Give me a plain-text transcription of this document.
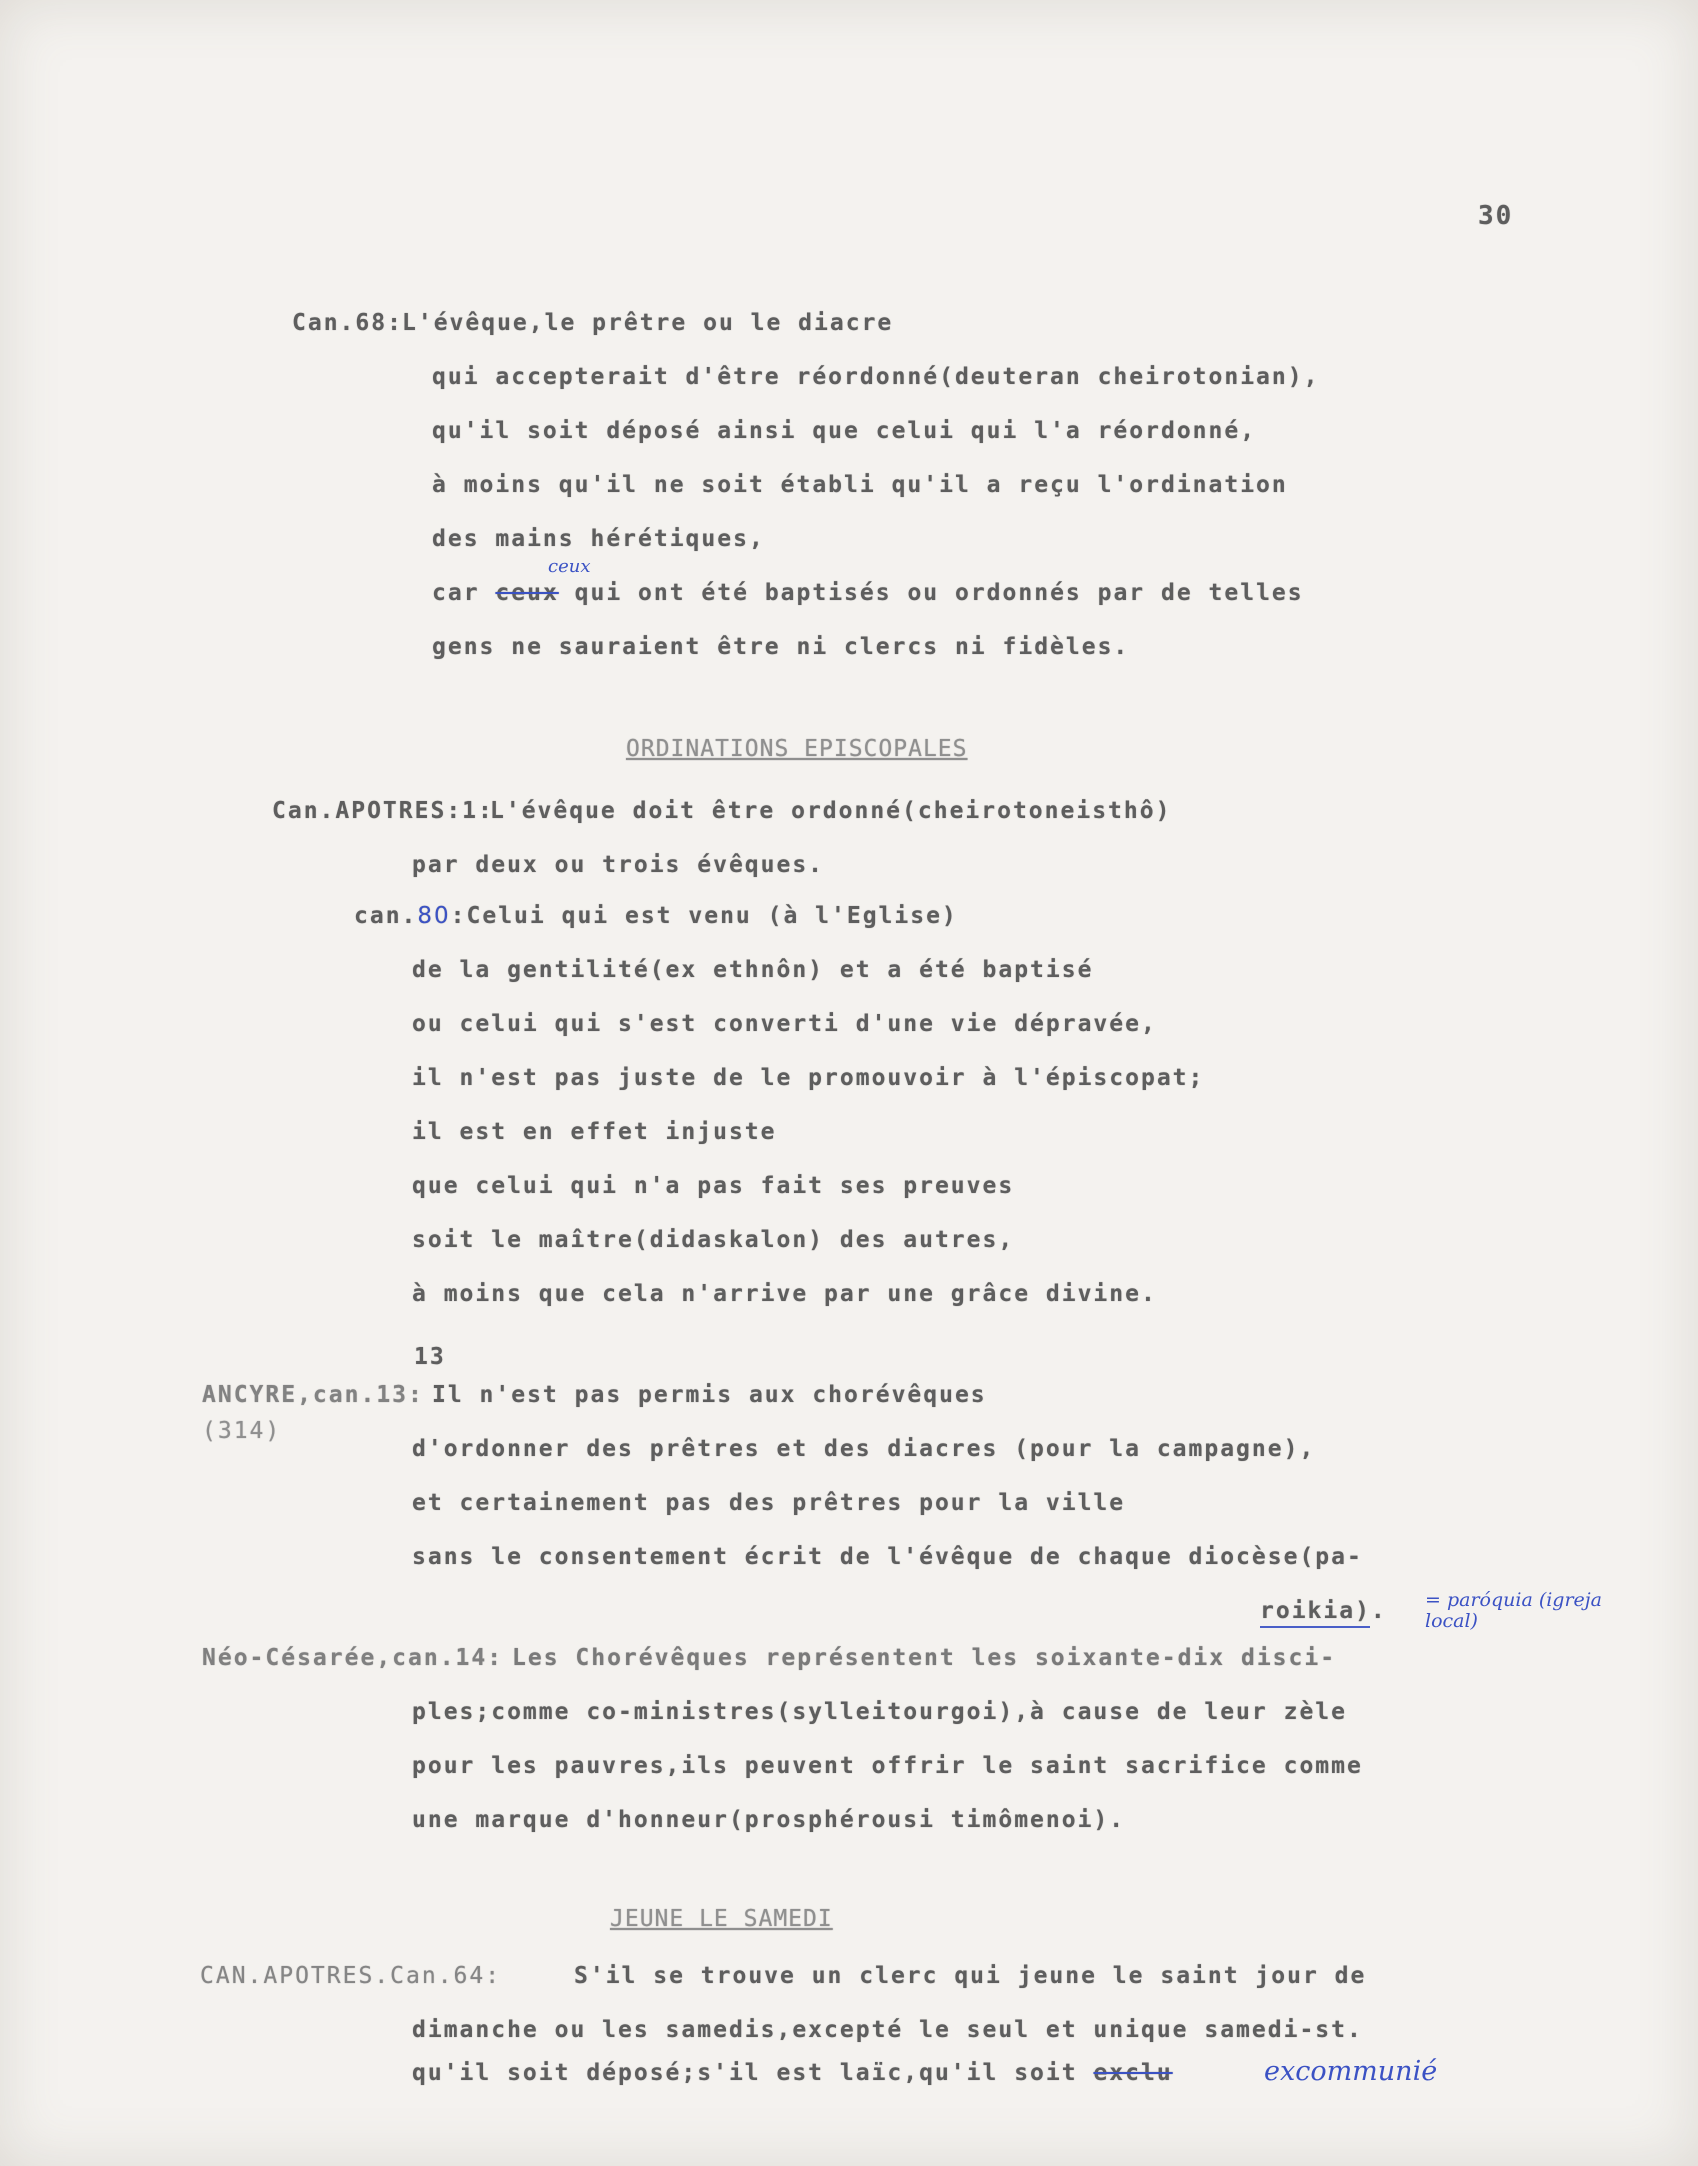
30
Can.68: L'évêque,le prêtre ou le diacre
qui accepterait d'être réordonné(deuteran cheirotonian),
qu'il soit déposé ainsi que celui qui l'a réordonné,
à moins qu'il ne soit établi qu'il a reçu l'ordination
des mains hérétiques,
car ceux qui ont été baptisés ou ordonnés par de telles
gens ne sauraient être ni clercs ni fidèles.
ceux
ORDINATIONS EPISCOPALES
Can.APOTRES:1:
L'évêque doit être ordonné(cheirotoneisthô)
par deux ou trois évêques.
can.80:Celui qui est venu (à l'Eglise)
de la gentilité(ex ethnôn) et a été baptisé
ou celui qui s'est converti d'une vie dépravée,
il n'est pas juste de le promouvoir à l'épiscopat;
il est en effet injuste
que celui qui n'a pas fait ses preuves
soit le maître(didaskalon) des autres,
à moins que cela n'arrive par une grâce divine.
13
ANCYRE,can.13: Il n'est pas permis aux chorévêques
(314)
d'ordonner des prêtres et des diacres (pour la campagne),
et certainement pas des prêtres pour la ville
sans le consentement écrit de l'évêque de chaque diocèse(pa-
roikia). = paróquia (igreja local)
Néo-Césarée,can.14: Les Chorévêques représentent les soixante-dix disci-
ples;comme co-ministres(sylleitourgoi),à cause de leur zèle
pour les pauvres,ils peuvent offrir le saint sacrifice comme
une marque d'honneur(prosphérousi timômenoi).
JEUNE LE SAMEDI
CAN.APOTRES.Can.64:	S'il se trouve un clerc qui jeune le saint jour de
dimanche ou les samedis,excepté le seul et unique samedi-st.
qu'il soit déposé;s'il est laïc,qu'il soit exclu	excommunié
